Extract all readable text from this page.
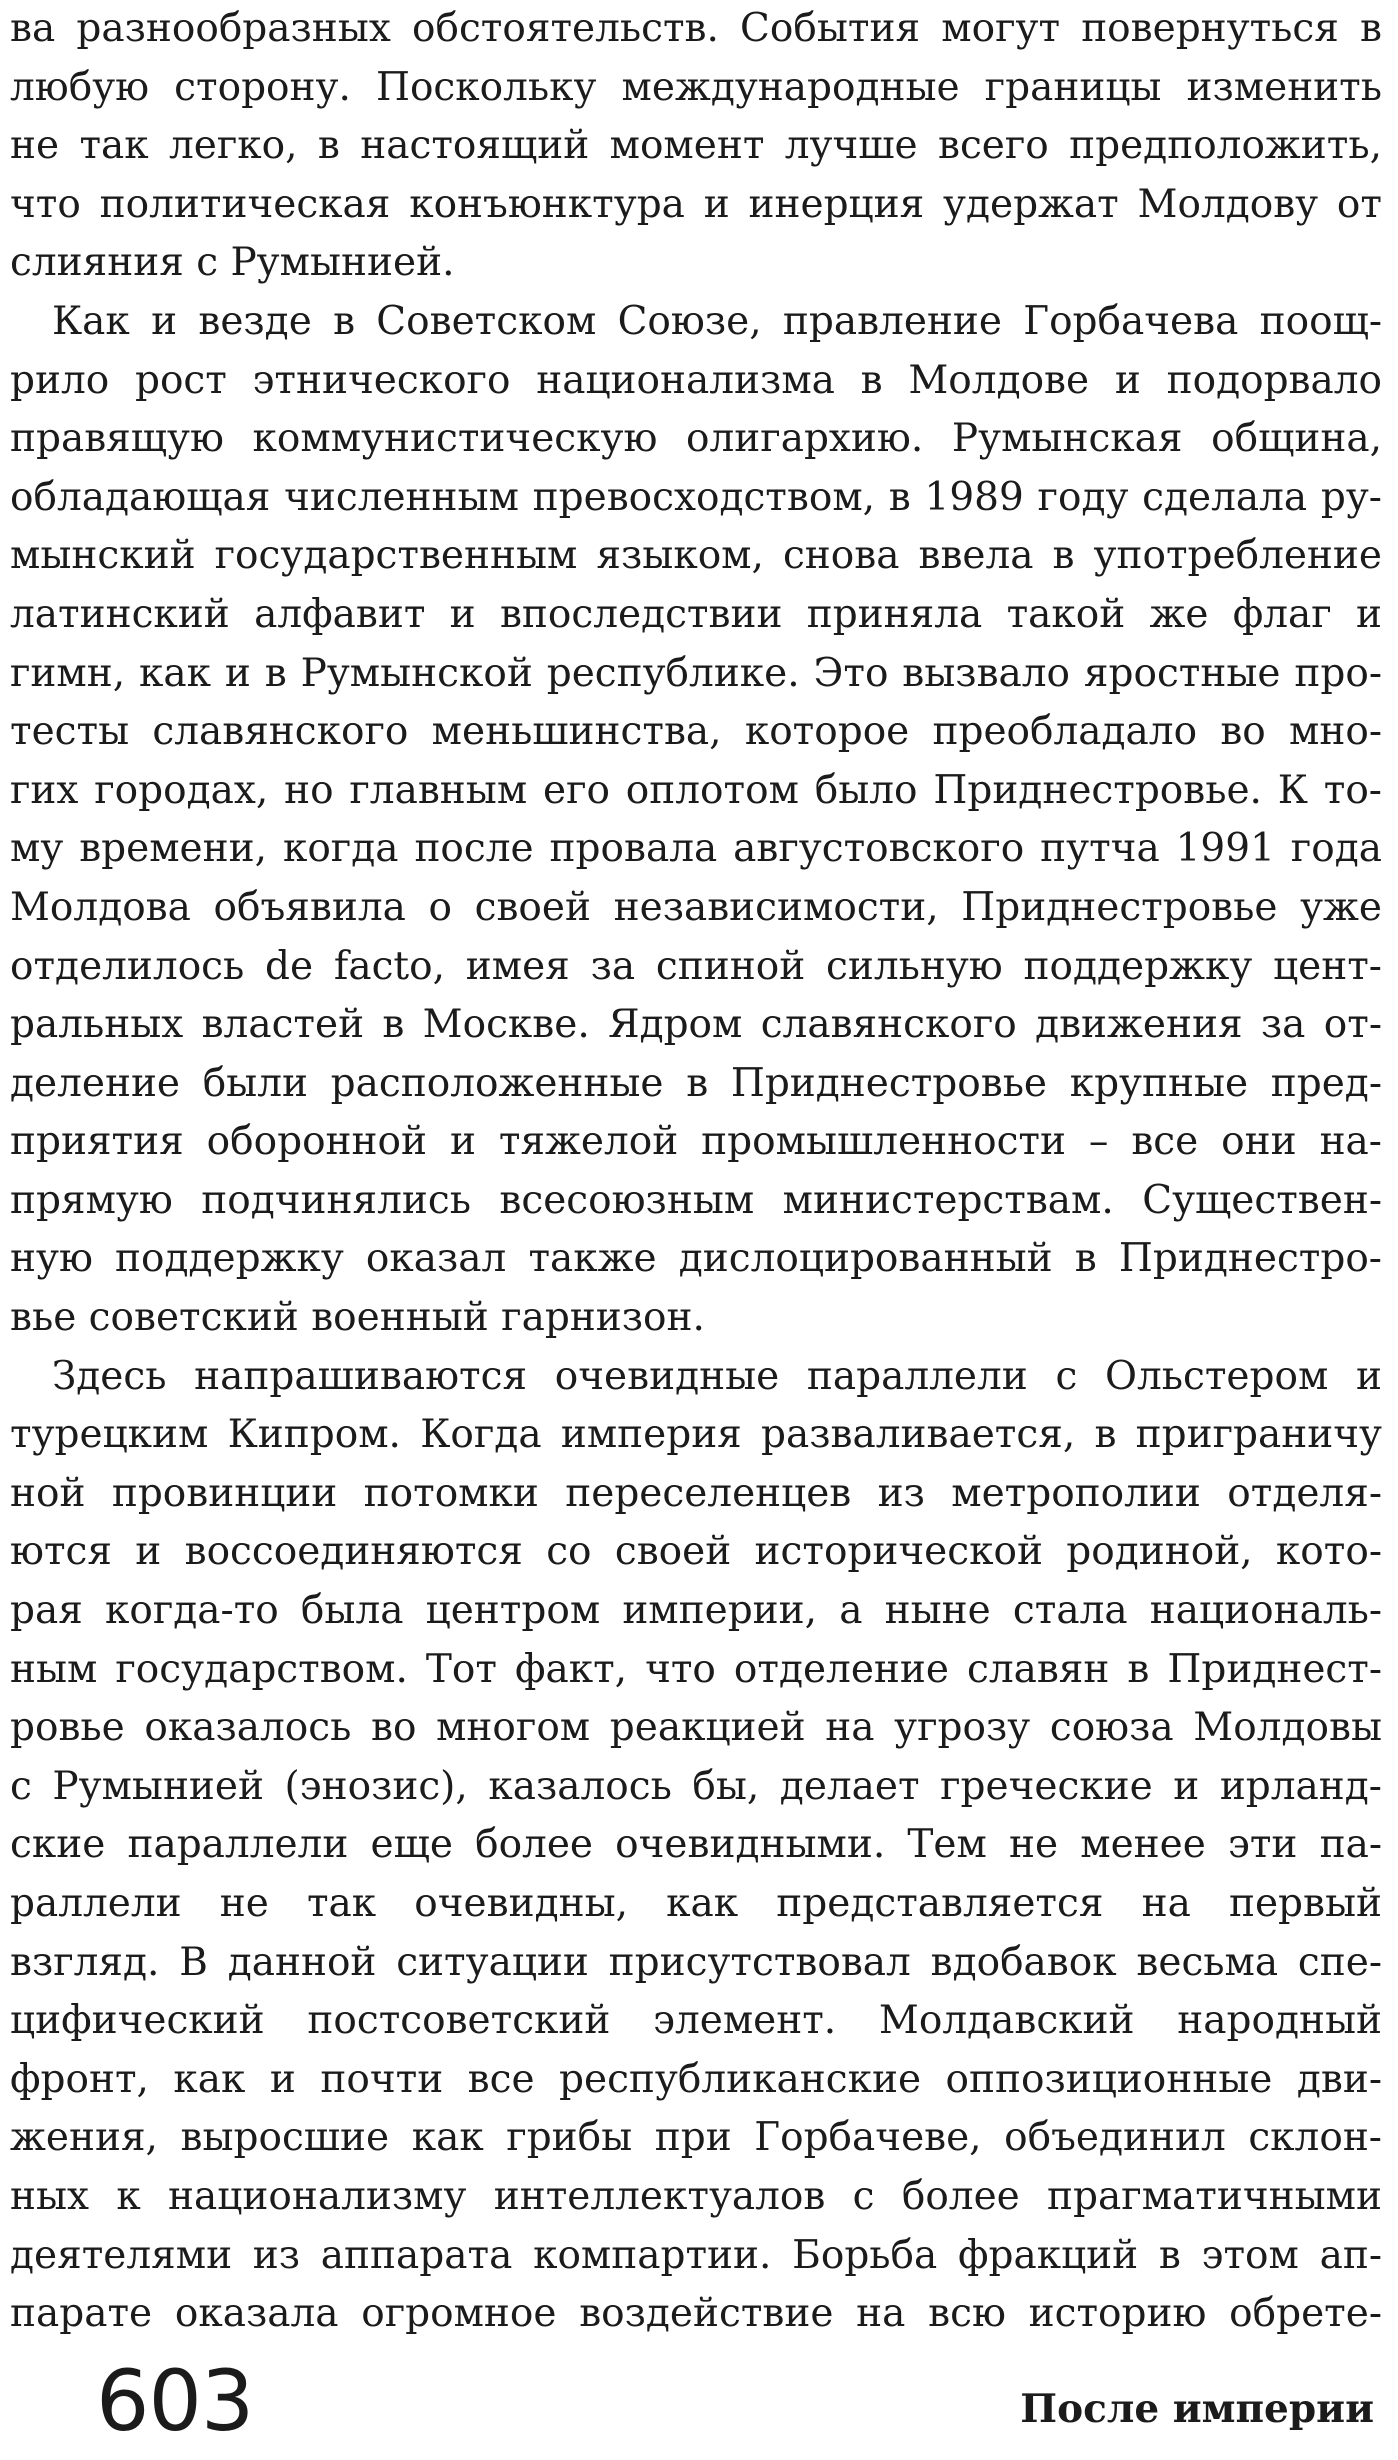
ва разнообразных обстоятельств. События могут повернуться в
любую сторону. Поскольку международные границы изменить
не так легко, в настоящий момент лучше всего предположить,
что политическая конъюнктура и инерция удержат Молдову от
слияния с Румынией.
Как и везде в Советском Союзе, правление Горбачева поощ-
рило рост этнического национализма в Молдове и подорвало
правящую коммунистическую олигархию. Румынская община,
обладающая численным превосходством, в 1989 году сделала ру-
мынский государственным языком, снова ввела в употребление
латинский алфавит и впоследствии приняла такой же флаг и
гимн, как и в Румынской республике. Это вызвало яростные про-
тесты славянского меньшинства, которое преобладало во мно-
гих городах, но главным его оплотом было Приднестровье. К то-
му времени, когда после провала августовского путча 1991 года
Молдова объявила о своей независимости, Приднестровье уже
отделилось de facto, имея за спиной сильную поддержку цент-
ральных властей в Москве. Ядром славянского движения за от-
деление были расположенные в Приднестровье крупные пред-
приятия оборонной и тяжелой промышленности – все они на-
прямую подчинялись всесоюзным министерствам. Существен-
ную поддержку оказал также дислоцированный в Приднестро-
вье советский военный гарнизон.
Здесь напрашиваются очевидные параллели с Ольстером и
турецким Кипром. Когда империя разваливается, в приграничу
ной провинции потомки переселенцев из метрополии отделя-
ются и воссоединяются со своей исторической родиной, кото-
рая когда-то была центром империи, а ныне стала националь-
ным государством. Тот факт, что отделение славян в Приднест-
ровье оказалось во многом реакцией на угрозу союза Молдовы
с Румынией (энозис), казалось бы, делает греческие и ирланд-
ские параллели еще более очевидными. Тем не менее эти па-
раллели не так очевидны, как представляется на первый
взгляд. В данной ситуации присутствовал вдобавок весьма спе-
цифический постсоветский элемент. Молдавский народный
фронт, как и почти все республиканские оппозиционные дви-
жения, выросшие как грибы при Горбачеве, объединил склон-
ных к национализму интеллектуалов с более прагматичными
деятелями из аппарата компартии. Борьба фракций в этом ап-
парате оказала огромное воздействие на всю историю обрете-
603	После империи
